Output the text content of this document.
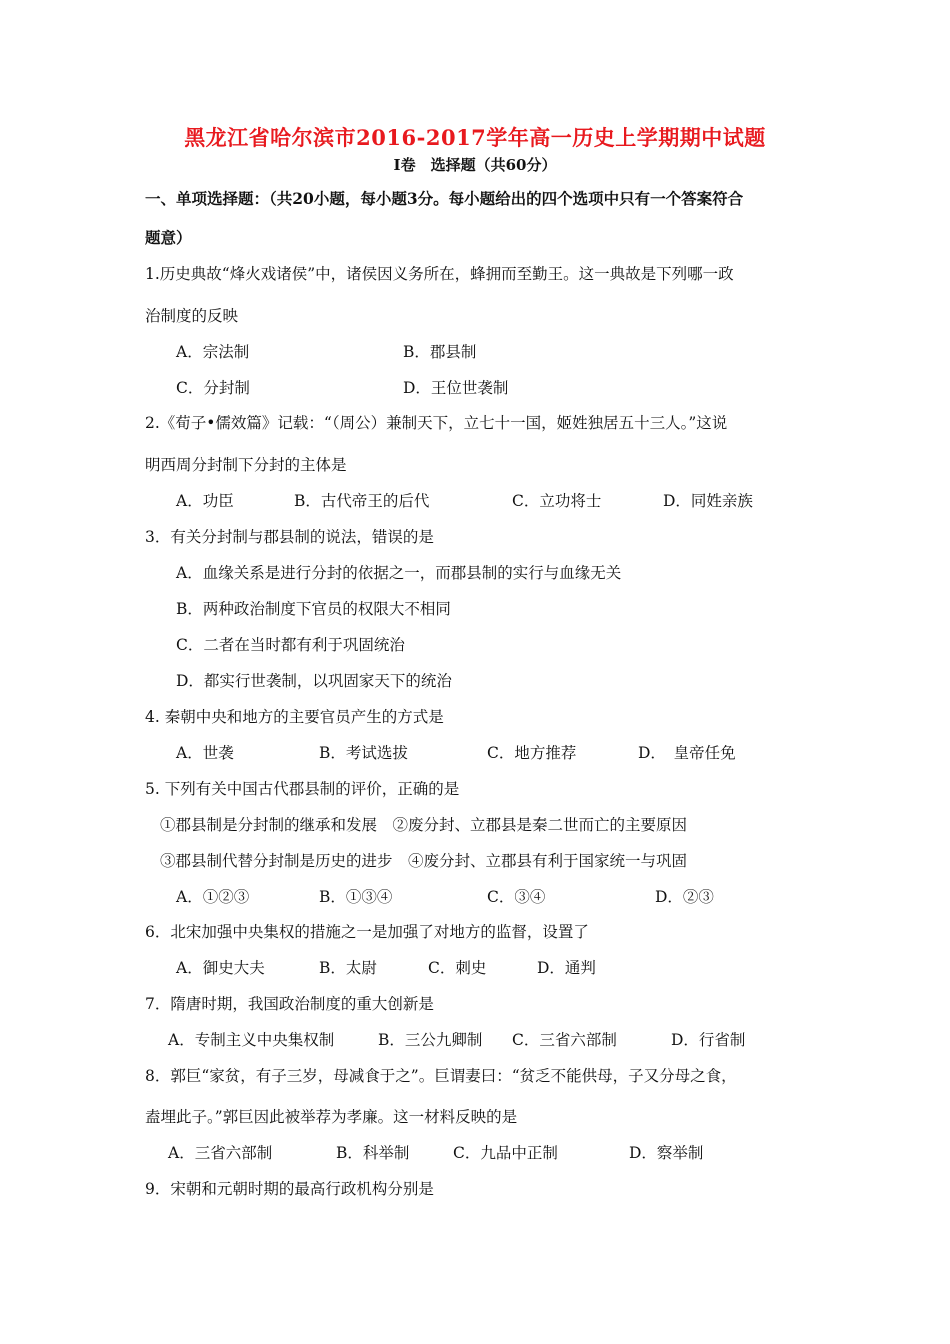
黑龙江省哈尔滨市2016-2017学年高一历史上学期期中试题
Ⅰ卷　选择题（共60分）
一、单项选择题：（共20小题，每小题3分。每小题给出的四个选项中只有一个答案符合
题意）
1.历史典故“烽火戏诸侯”中，诸侯因义务所在，蜂拥而至勤王。这一典故是下列哪一政
治制度的反映
A．宗法制	B．郡县制
C．分封制	D．王位世袭制
2.《荀子•儒效篇》记载：“（周公）兼制天下，立七十一国，姬姓独居五十三人。”这说
明西周分封制下分封的主体是
A．功臣	B．古代帝王的后代	C．立功将士	D．同姓亲族
3．有关分封制与郡县制的说法，错误的是
A．血缘关系是进行分封的依据之一，而郡县制的实行与血缘无关
B．两种政治制度下官员的权限大不相同
C．二者在当时都有利于巩固统治
D．都实行世袭制，以巩固家天下的统治
4. 秦朝中央和地方的主要官员产生的方式是
A．世袭	B．考试选拔	C．地方推荐	D．　皇帝任免
5. 下列有关中国古代郡县制的评价，正确的是
①郡县制是分封制的继承和发展　②废分封、立郡县是秦二世而亡的主要原因
③郡县制代替分封制是历史的进步　④废分封、立郡县有利于国家统一与巩固
A．①②③	B．①③④	C．③④	D．②③
6．北宋加强中央集权的措施之一是加强了对地方的监督，设置了
A．御史大夫	B．太尉	C．刺史	D．通判
7．隋唐时期，我国政治制度的重大创新是
A．专制主义中央集权制	B．三公九卿制 C．三省六部制	D．行省制
8．郭巨“家贫，有子三岁，母减食于之”。巨谓妻曰：“贫乏不能供母，子又分母之食，
盍埋此子。”郭巨因此被举荐为孝廉。这一材料反映的是
A．三省六部制	B．科举制	C．九品中正制	D．察举制
9．宋朝和元朝时期的最高行政机构分别是
